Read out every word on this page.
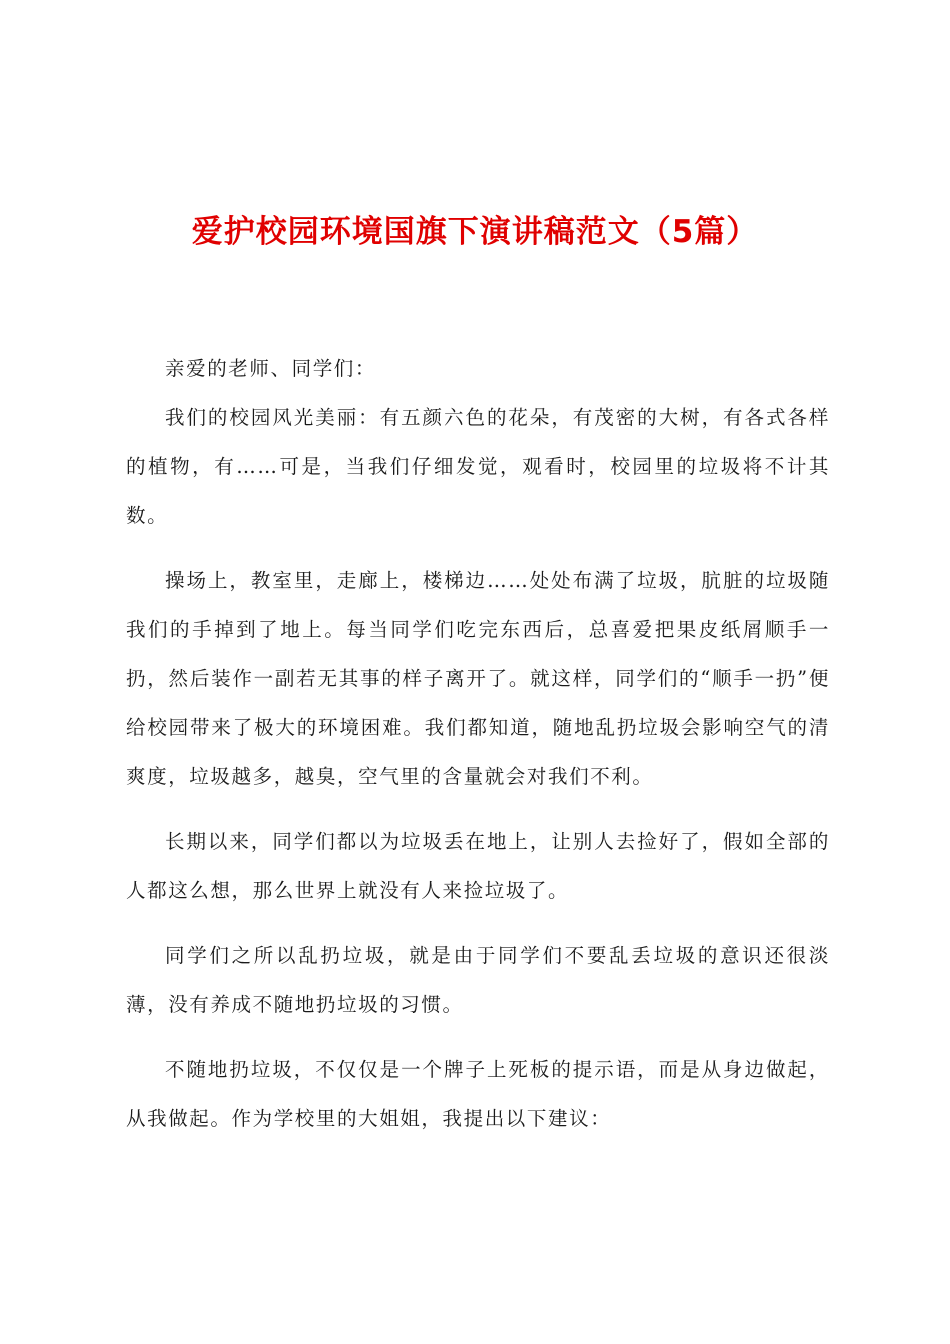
爱护校园环境国旗下演讲稿范文（5篇）

亲爱的老师、同学们：

我们的校园风光美丽：有五颜六色的花朵，有茂密的大树，有各式各样的植物，有……可是，当我们仔细发觉，观看时，校园里的垃圾将不计其数。

操场上，教室里，走廊上，楼梯边……处处布满了垃圾，肮脏的垃圾随我们的手掉到了地上。每当同学们吃完东西后，总喜爱把果皮纸屑顺手一扔，然后装作一副若无其事的样子离开了。就这样，同学们的“顺手一扔”便给校园带来了极大的环境困难。我们都知道，随地乱扔垃圾会影响空气的清爽度，垃圾越多，越臭，空气里的含量就会对我们不利。

长期以来，同学们都以为垃圾丢在地上，让别人去捡好了，假如全部的人都这么想，那么世界上就没有人来捡垃圾了。

同学们之所以乱扔垃圾，就是由于同学们不要乱丢垃圾的意识还很淡薄，没有养成不随地扔垃圾的习惯。

不随地扔垃圾，不仅仅是一个牌子上死板的提示语，而是从身边做起，从我做起。作为学校里的大姐姐，我提出以下建议：
